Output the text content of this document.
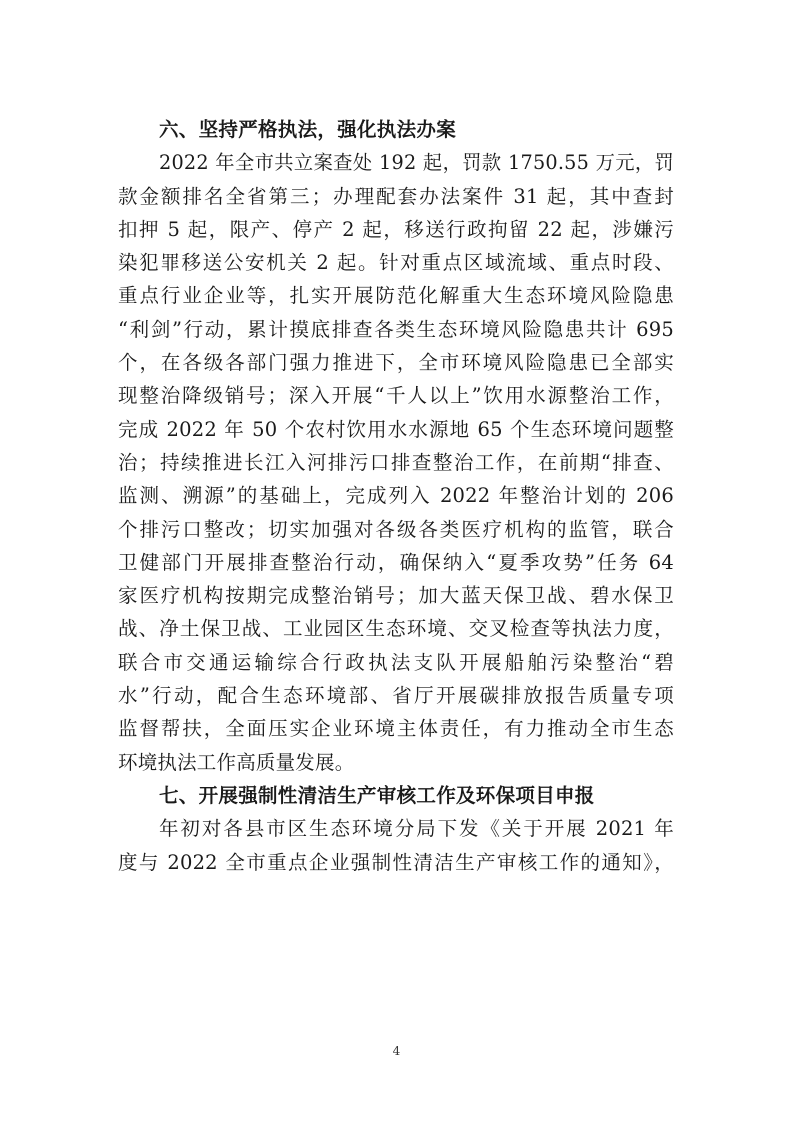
六、坚持严格执法，强化执法办案
2022 年全市共立案查处 192 起，罚款 1750.55 万元，罚
款金额排名全省第三；办理配套办法案件 31 起，其中查封
扣押 5 起，限产、停产 2 起，移送行政拘留 22 起，涉嫌污
染犯罪移送公安机关 2 起。针对重点区域流域、重点时段、
重点行业企业等，扎实开展防范化解重大生态环境风险隐患
“利剑”行动，累计摸底排查各类生态环境风险隐患共计 695
个，在各级各部门强力推进下，全市环境风险隐患已全部实
现整治降级销号；深入开展“千人以上”饮用水源整治工作，
完成 2022 年 50 个农村饮用水水源地 65 个生态环境问题整
治；持续推进长江入河排污口排查整治工作，在前期“排查、
监测、溯源”的基础上，完成列入 2022 年整治计划的 206
个排污口整改；切实加强对各级各类医疗机构的监管，联合
卫健部门开展排查整治行动，确保纳入“夏季攻势”任务 64
家医疗机构按期完成整治销号；加大蓝天保卫战、碧水保卫
战、净土保卫战、工业园区生态环境、交叉检查等执法力度，
联合市交通运输综合行政执法支队开展船舶污染整治“碧
水”行动，配合生态环境部、省厅开展碳排放报告质量专项
监督帮扶，全面压实企业环境主体责任，有力推动全市生态
环境执法工作高质量发展。
七、开展强制性清洁生产审核工作及环保项目申报
年初对各县市区生态环境分局下发《关于开展 2021 年
度与 2022 全市重点企业强制性清洁生产审核工作的通知》，
4
